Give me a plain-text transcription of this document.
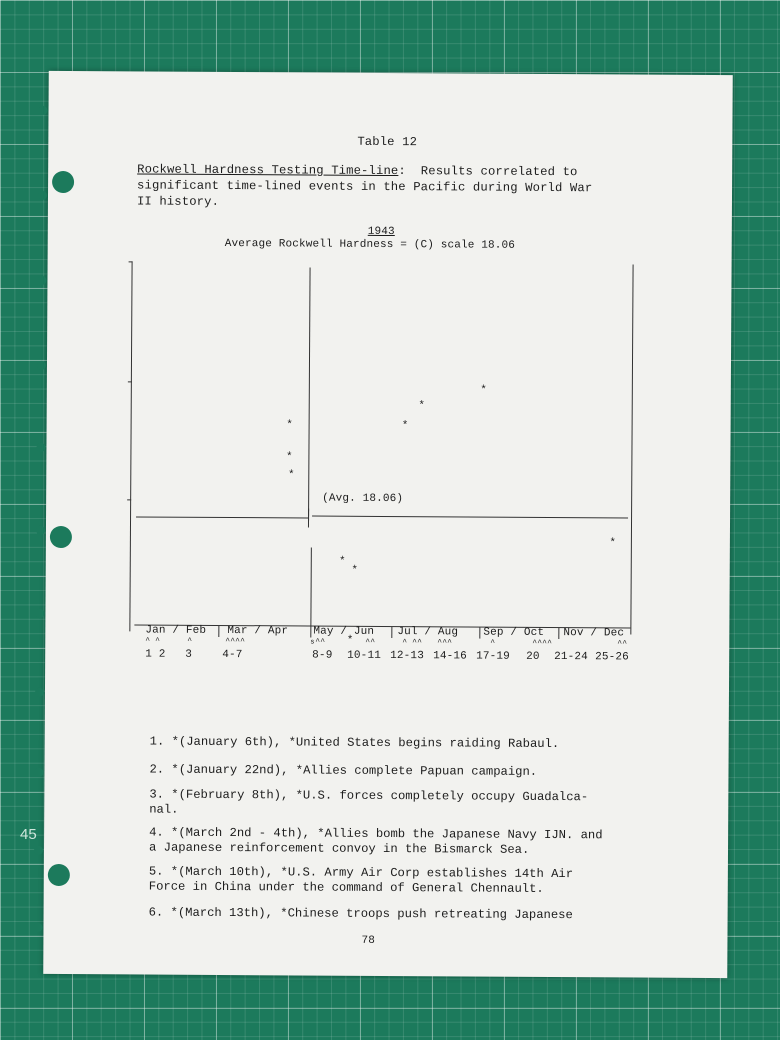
45
Table 12
Rockwell Hardness Testing Time-line:  Results correlated to
significant time-lined events in the Pacific during World War
II history.
1943
Average Rockwell Hardness = (C) scale 18.06
(Avg. 18.06)
*
*
*
*
*
*
*
*
*
*
Jan / Feb Mar / Apr May / Jun Jul / Aug Sep / Oct Nov / Dec
^ ^	^	^^^^	^^	^^	^ ^^ ^^^	^	^^^^	^^
s
1 2 3	4-7	8-9 10-11 12-13 14-16 17-19 20 21-24 25-26
1. *(January 6th), *United States begins raiding Rabaul.
2. *(January 22nd), *Allies complete Papuan campaign.
3. *(February 8th), *U.S. forces completely occupy Guadalca-
nal.
4. *(March 2nd - 4th), *Allies bomb the Japanese Navy IJN. and
a Japanese reinforcement convoy in the Bismarck Sea.
5. *(March 10th), *U.S. Army Air Corp establishes 14th Air
Force in China under the command of General Chennault.
6. *(March 13th), *Chinese troops push retreating Japanese
78
